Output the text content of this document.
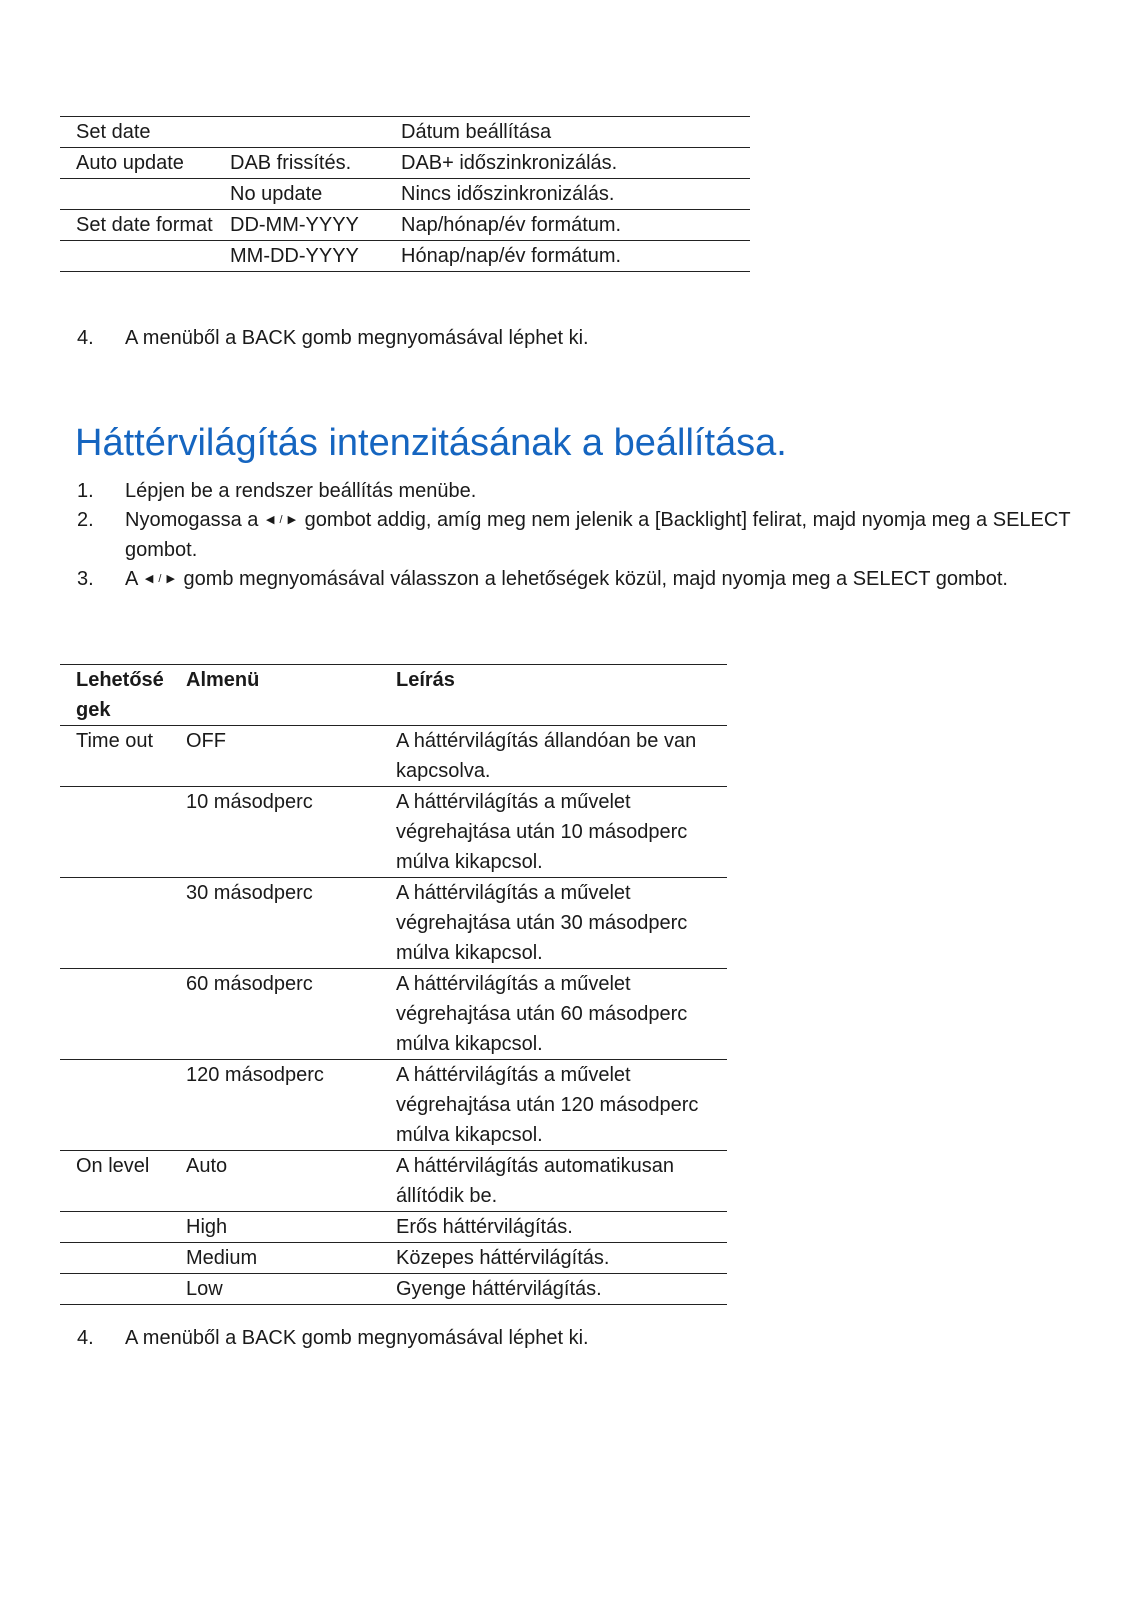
Set date		Dátum beállítása
Auto update	DAB frissítés.	DAB+ időszinkronizálás.
	No update	Nincs időszinkronizálás.
Set date format	DD-MM-YYYY	Nap/hónap/év formátum.
	MM-DD-YYYY	Hónap/nap/év formátum.
4. A menüből a BACK gomb megnyomásával léphet ki.
Háttérvilágítás intenzitásának a beállítása.
1. Lépjen be a rendszer beállítás menübe.
2. Nyomogassa a ◀ / ▶ gombot addig, amíg meg nem jelenik a [Backlight] felirat, majd nyomja meg a SELECT gombot.
3. A ◀ / ▶ gomb megnyomásával válasszon a lehetőségek közül, majd nyomja meg a SELECT gombot.
Lehetőségek	Almenü	Leírás
Time out	OFF	A háttérvilágítás állandóan be van kapcsolva.
	10 másodperc	A háttérvilágítás a művelet végrehajtása után 10 másodperc múlva kikapcsol.
	30 másodperc	A háttérvilágítás a művelet végrehajtása után 30 másodperc múlva kikapcsol.
	60 másodperc	A háttérvilágítás a művelet végrehajtása után 60 másodperc múlva kikapcsol.
	120 másodperc	A háttérvilágítás a művelet végrehajtása után 120 másodperc múlva kikapcsol.
On level	Auto	A háttérvilágítás automatikusan állítódik be.
	High	Erős háttérvilágítás.
	Medium	Közepes háttérvilágítás.
	Low	Gyenge háttérvilágítás.
4. A menüből a BACK gomb megnyomásával léphet ki.
